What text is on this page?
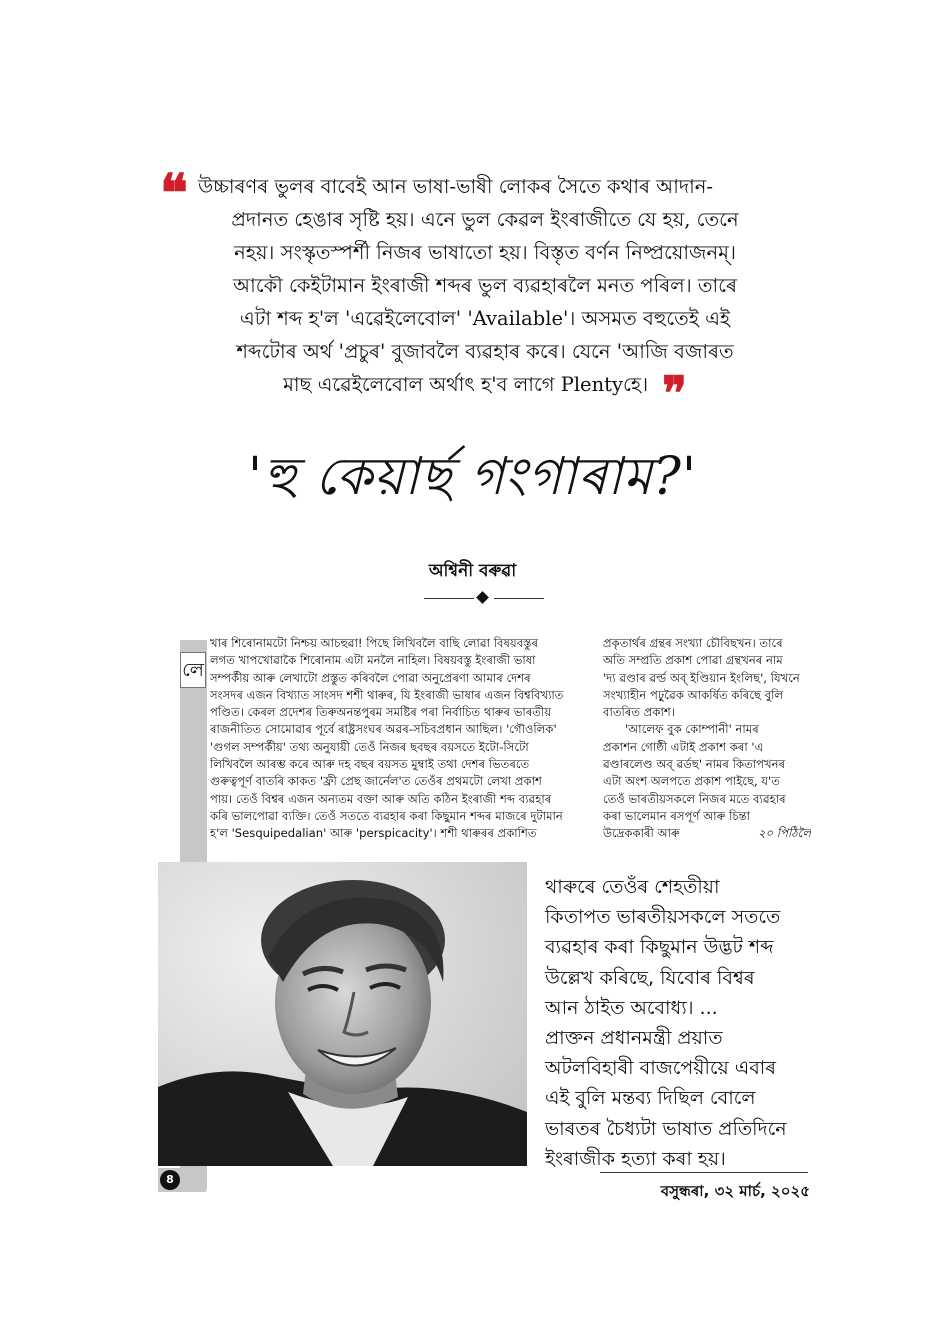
❝ উচ্চাৰণৰ ভুলৰ বাবেই আন ভাষা-ভাষী লোকৰ সৈতে কথাৰ আদান-
প্ৰদানত হেঙাৰ সৃষ্টি হয়। এনে ভুল কেৱল ইংৰাজীতে যে হয়, তেনে
নহয়। সংস্কৃতস্পৰ্শী নিজৰ ভাষাতো হয়। বিস্তৃত বৰ্ণন নিষ্প্ৰয়োজনম্।
আকৌ কেইটামান ইংৰাজী শব্দৰ ভুল ব্যৱহাৰলৈ মনত পৰিল। তাৰে
এটা শব্দ হ'ল 'এৱেইলেবোল' 'Available'। অসমত বহুতেই এই
শব্দটোৰ অৰ্থ 'প্ৰচুৰ' বুজাবলৈ ব্যৱহাৰ কৰে। যেনে 'আজি বজাৰত
মাছ এৱেইলেবোল অৰ্থাৎ হ'ব লাগে Plentyহে। ❞
'হু কেয়াৰ্ছ গংগাৰাম?'
অশ্বিনী বৰুৱা
লে
খাৰ শিৰোনামটো নিশ্চয় আচহুৱা! পিছে লিখিবলৈ বাছি লোৱা বিষয়বস্তুৰ
লগত খাপখোৱাকৈ শিৰোনাম এটা মনলৈ নাহিল। বিষয়বস্তু ইংৰাজী ভাষা
সম্পৰ্কীয় আৰু লেখাটো প্ৰস্তুত কৰিবলৈ পোৱা অনুপ্ৰেৰণা আমাৰ দেশৰ
সংসদৰ এজন বিখ্যাত সাংসদ শশী থাৰুৰ, যি ইংৰাজী ভাষাৰ এজন বিশ্ববিখ্যাত
পণ্ডিত। কেৰল প্ৰদেশৰ তিৰুঅনন্তপুৰম সমষ্টিৰ পৰা নিৰ্বাচিত থাৰুৰ ভাৰতীয়
ৰাজনীতিত সোমোৱাৰ পূৰ্বে ৰাষ্ট্ৰসংঘৰ অৱৰ-সচিবপ্ৰধান আছিল। 'গৌওলিক'
'গুগল সম্পৰ্কীয়' তথ্য অনুযায়ী তেওঁ নিজৰ ছবছৰ বয়সতে ইটো-সিটো
লিখিবলৈ আৰম্ভ কৰে আৰু দহ বছৰ বয়সত মুম্বাই তথা দেশৰ ভিতৰতে
গুৰুত্বপূৰ্ণ বাতৰি কাকত 'ফ্ৰী প্ৰেছ জাৰ্নেল'ত তেওঁৰ প্ৰথমটো লেখা প্ৰকাশ
পায়। তেওঁ বিশ্বৰ এজন অন্যতম বক্তা আৰু অতি কঠিন ইংৰাজী শব্দ ব্যৱহাৰ
কৰি ভালপোৱা ব্যক্তি। তেওঁ সততে ব্যৱহাৰ কৰা কিছুমান শব্দৰ মাজৰে দুটামান
হ'ল 'Sesquipedalian' আৰু 'perspicacity'। শশী থাৰুৰৰ প্ৰকাশিত
প্ৰকৃতাৰ্থৰ গ্ৰন্থৰ সংখ্যা চৌবিছখন। তাৰে
অতি সম্প্ৰতি প্ৰকাশ পোৱা গ্ৰন্থখনৰ নাম
'দ্য ৱণ্ডাৰ ৱৰ্ল্ড অব্ ইণ্ডিয়ান ইংলিছ', যিখনে
সংখ্যাহীন পঢ়ুৱৈক আকৰ্ষিত কৰিছে বুলি
বাতৰিত প্ৰকাশ।
'আলেফ বুক কোম্পানী' নামৰ
প্ৰকাশন গোষ্ঠী এটাই প্ৰকাশ কৰা 'এ
ৱণ্ডাৰলেণ্ড অব্ ৱৰ্ডছ' নামৰ কিতাপখনৰ
এটা অংশ অলপতে প্ৰকাশ পাইছে, য'ত
তেওঁ ভাৰতীয়সকলে নিজৰ মতে ব্যৱহাৰ
কৰা ভালেমান ৰসপূৰ্ণ আৰু চিন্তা
উদ্ৰেককাৰী আৰু	২০ পিঠিলৈ
থাৰুৰে তেওঁৰ শেহতীয়া
কিতাপত ভাৰতীয়সকলে সততে
ব্যৱহাৰ কৰা কিছুমান উদ্ভট শব্দ
উল্লেখ কৰিছে, যিবোৰ বিশ্বৰ
আন ঠাইত অবোধ্য। ...
প্ৰাক্তন প্ৰধানমন্ত্ৰী প্ৰয়াত
অটলবিহাৰী বাজপেয়ীয়ে এবাৰ
এই বুলি মন্তব্য দিছিল বোলে
ভাৰতৰ চৈধ্যটা ভাষাত প্ৰতিদিনে
ইংৰাজীক হত্যা কৰা হয়।
8
বসুন্ধৰা, ৩২ মাৰ্চ, ২০২৫
